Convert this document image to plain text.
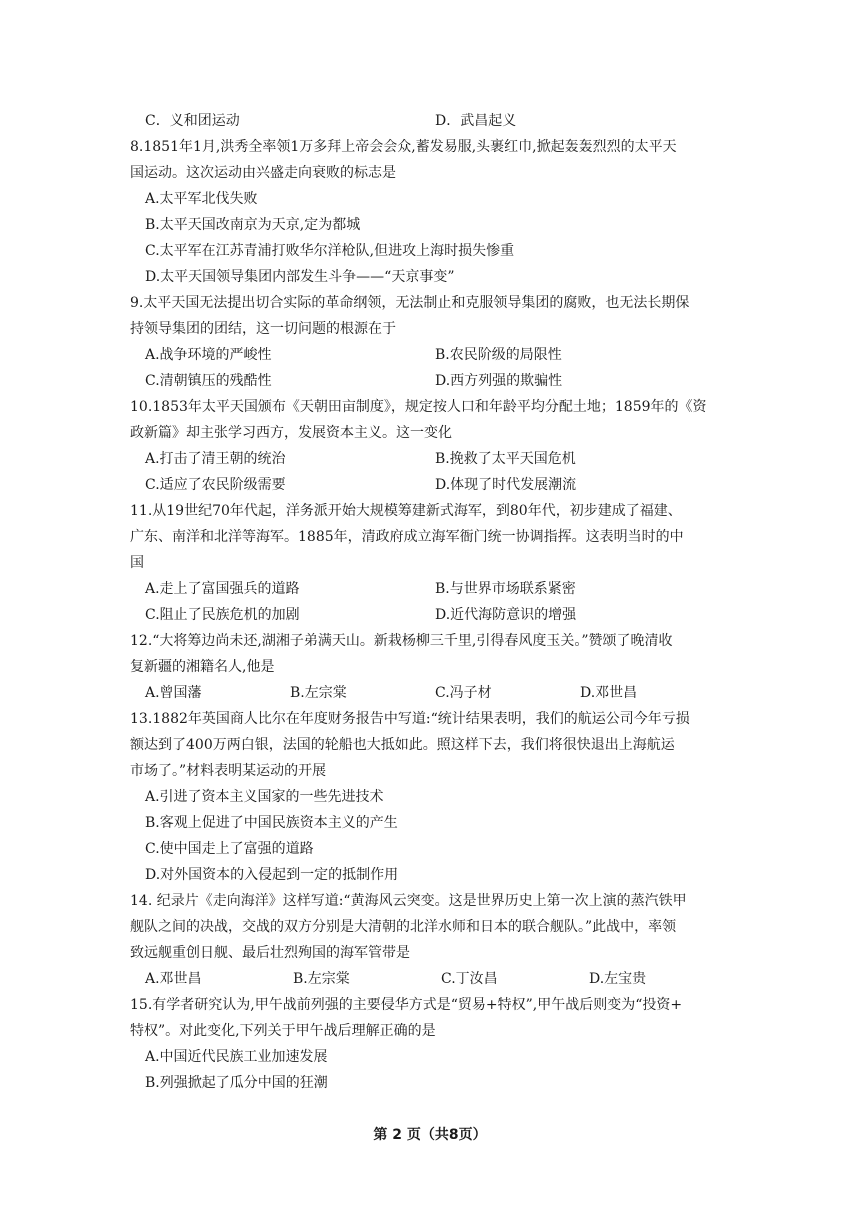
C．义和团运动	D．武昌起义
8.1851年1月,洪秀全率领1万多拜上帝会会众,蓄发易服,头裹红巾,掀起轰轰烈烈的太平天
国运动。这次运动由兴盛走向衰败的标志是
A.太平军北伐失败
B.太平天国改南京为天京,定为都城
C.太平军在江苏青浦打败华尔洋枪队,但进攻上海时损失惨重
D.太平天国领导集团内部发生斗争——“天京事变”
9.太平天国无法提出切合实际的革命纲领，无法制止和克服领导集团的腐败，也无法长期保
持领导集团的团结，这一切问题的根源在于
A.战争环境的严峻性	B.农民阶级的局限性
C.清朝镇压的残酷性	D.西方列强的欺骗性
10.1853年太平天国颁布《天朝田亩制度》，规定按人口和年龄平均分配土地；1859年的《资
政新篇》却主张学习西方，发展资本主义。这一变化
A.打击了清王朝的统治	B.挽救了太平天国危机
C.适应了农民阶级需要	D.体现了时代发展潮流
11.从19世纪70年代起，洋务派开始大规模筹建新式海军，到80年代，初步建成了福建、
广东、南洋和北洋等海军。1885年，清政府成立海军衙门统一协调指挥。这表明当时的中
国
A.走上了富国强兵的道路	B.与世界市场联系紧密
C.阻止了民族危机的加剧	D.近代海防意识的增强
12.“大将筹边尚未还,湖湘子弟满天山。新栽杨柳三千里,引得春风度玉关。”赞颂了晚清收
复新疆的湘籍名人,他是
A.曾国藩	B.左宗棠	C.冯子材	D.邓世昌
13.1882年英国商人比尔在年度财务报告中写道:“统计结果表明，我们的航运公司今年亏损
额达到了400万两白银，法国的轮船也大抵如此。照这样下去，我们将很快退出上海航运
市场了。”材料表明某运动的开展
A.引进了资本主义国家的一些先进技术
B.客观上促进了中国民族资本主义的产生
C.使中国走上了富强的道路
D.对外国资本的入侵起到一定的抵制作用
14. 纪录片《走向海洋》这样写道:“黄海风云突变。这是世界历史上第一次上演的蒸汽铁甲
舰队之间的决战，交战的双方分别是大清朝的北洋水师和日本的联合舰队。”此战中，率领
致远舰重创日舰、最后壮烈殉国的海军管带是
A.邓世昌	B.左宗棠	C.丁汝昌	D.左宝贵
15.有学者研究认为,甲午战前列强的主要侵华方式是“贸易+特权”,甲午战后则变为“投资+
特权”。对此变化,下列关于甲午战后理解正确的是
A.中国近代民族工业加速发展
B.列强掀起了瓜分中国的狂潮
第 2 页（共8页）
